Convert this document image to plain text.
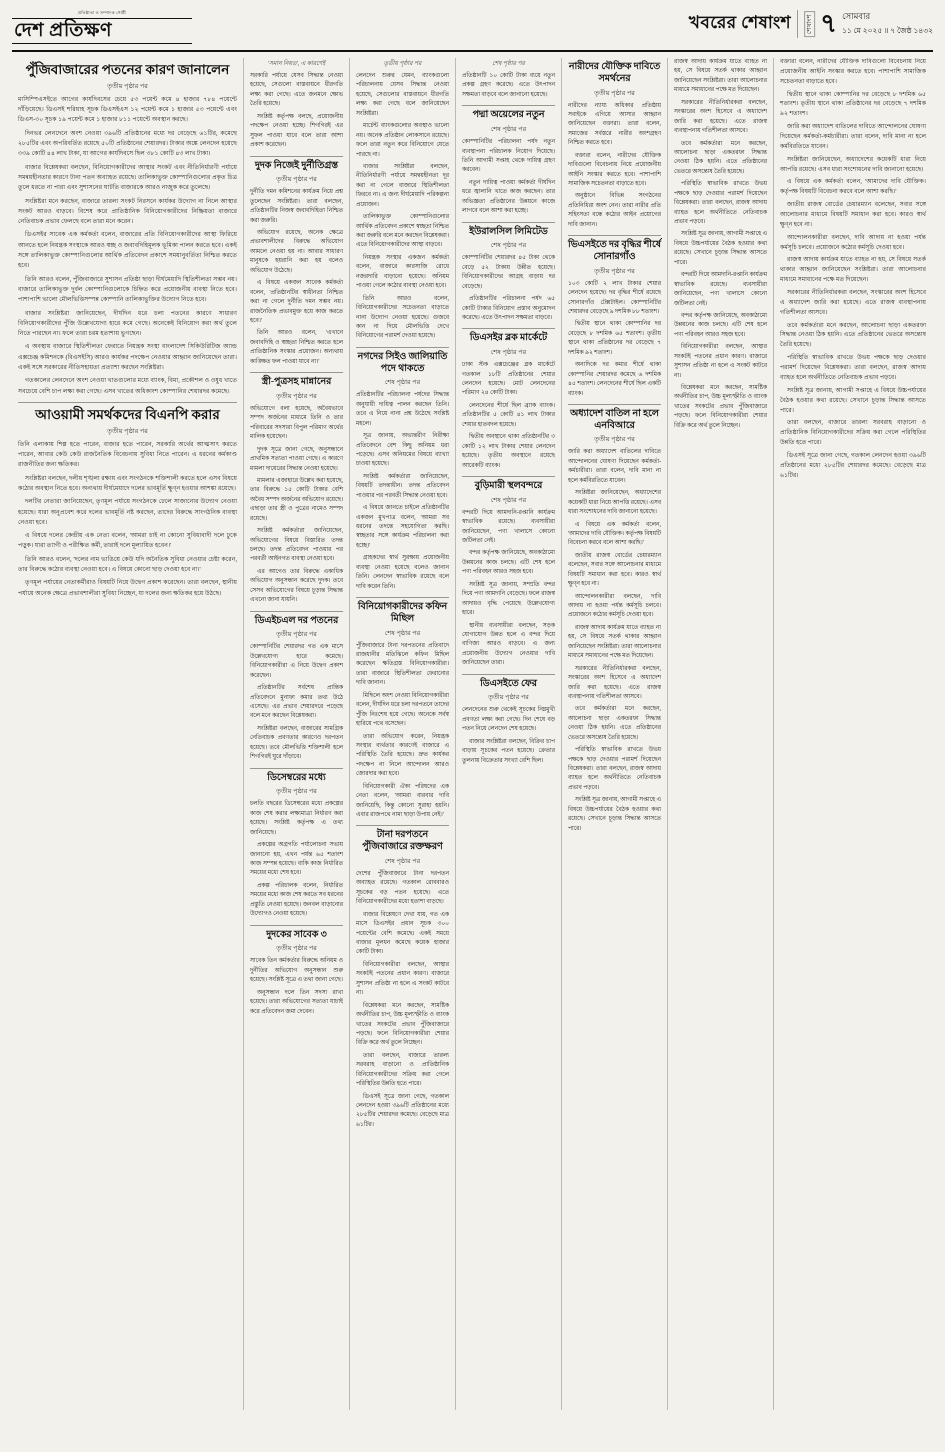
প্রতিষ্ঠাতা ও সম্পাদক গোষ্ঠী
দেশ প্রতিক্ষণ	খবরের শেষাংশ	শেষাংশ ৭ সোমবার
১১ মে ২০২৫ ॥ ৭ জৈষ্ঠ ১৪৩২
পুঁজিবাজারের পতনের কারণ জানালেন
তৃতীয় পৃষ্ঠার পর

মাসিম্পিএসইতে আগের কার্যদিবসের চেয়ে ৫৩ পয়েন্ট কমে ৪ হাজার ৭৮৪ পয়েন্টে দাঁড়িয়েছে। ডিএসই শরিয়াহ সূচক ডিএসইএস ১২ পয়েন্ট কমে ১ হাজার ৫৩ পয়েন্টে এবং ডিএস-৩০ সূচক ১৯ পয়েন্ট কমে ১ হাজার ৮১১ পয়েন্টে অবস্থান করছে।

দিনভর লেনদেনে অংশ নেওয়া ৩৯৬টি প্রতিষ্ঠানের মধ্যে দর বেড়েছে ৬১টির, কমেছে ২৮৫টির এবং অপরিবর্তিত রয়েছে ৫০টি প্রতিষ্ঠানের শেয়ারদর। টাকার অঙ্কে লেনদেন হয়েছে ৩৩৯ কোটি ৪৪ লাখ টাকা, যা আগের কার্যদিবসে ছিল ৩৮১ কোটি ৪৩ লাখ টাকা।

বাজার বিশ্লেষকরা বলছেন, বিনিয়োগকারীদের আস্থার সংকট এবং নীতিনির্ধারণী পর্যায়ে সমন্বয়হীনতার কারণে টানা পতন অব্যাহত রয়েছে। তালিকাভুক্ত কোম্পানিগুলোর প্রকৃত চিত্র তুলে ধরতে না পারা এবং সুশাসনের ঘাটতি বাজারকে আরও নাজুক করে তুলেছে।

সংশ্লিষ্টরা মনে করছেন, বাজারে তারল্য সংকট নিরসনে কার্যকর উদ্যোগ না নিলে আস্থার সংকট আরও বাড়বে। বিশেষ করে প্রাতিষ্ঠানিক বিনিয়োগকারীদের নিষ্ক্রিয়তা বাজারে নেতিবাচক প্রভাব ফেলছে বলে তারা মনে করেন।

ডিএসইর সাবেক এক কর্মকর্তা বলেন, বাজারের প্রতি বিনিয়োগকারীদের আস্থা ফিরিয়ে আনতে হলে নিয়ন্ত্রক সংস্থাকে আরও স্বচ্ছ ও জবাবদিহিমূলক ভূমিকা পালন করতে হবে। একই সঙ্গে তালিকাভুক্ত কোম্পানিগুলোর আর্থিক প্রতিবেদন প্রকাশে সময়ানুবর্তিতা নিশ্চিত করতে হবে।

তিনি আরও বলেন, পুঁজিবাজারে সুশাসন প্রতিষ্ঠা ছাড়া দীর্ঘমেয়াদি স্থিতিশীলতা সম্ভব নয়। বাজারে তালিকাভুক্ত দুর্বল কোম্পানিগুলোকে চিহ্নিত করে প্রয়োজনীয় ব্যবস্থা নিতে হবে। পাশাপাশি ভালো মৌলভিত্তিসম্পন্ন কোম্পানি তালিকাভুক্তির উদ্যোগ নিতে হবে।

বাজার সংশ্লিষ্টরা জানিয়েছেন, দীর্ঘদিন ধরে চলা পতনের কারণে সাধারণ বিনিয়োগকারীদের পুঁজি উল্লেখযোগ্য হারে কমে গেছে। অনেকেই বিনিয়োগ করা অর্থ তুলে নিতে পারছেন না। ফলে তারা চরম হতাশায় ভুগছেন।

এ অবস্থায় বাজারে স্থিতিশীলতা ফেরাতে নিয়ন্ত্রক সংস্থা বাংলাদেশ সিকিউরিটিজ অ্যান্ড এক্সচেঞ্জ কমিশনকে (বিএসইসি) আরও কার্যকর পদক্ষেপ নেওয়ার আহ্বান জানিয়েছেন তারা। একই সঙ্গে সরকারের নীতিসহায়তা প্রত্যাশা করছেন সংশ্লিষ্টরা।

গতকালের লেনদেনে অংশ নেওয়া খাতগুলোর মধ্যে ব্যাংক, বিমা, প্রকৌশল ও ওষুধ খাতে সবচেয়ে বেশি চাপ লক্ষ্য করা গেছে। এসব খাতের অধিকাংশ কোম্পানির শেয়ারদর কমেছে।

আওয়ামী সমর্থকদের বিএনপি করার
তৃতীয় পৃষ্ঠার পর

তিনি এলাকায় শিল্প হতে পারেন, বাজার হতে পারেন, সরকারি অর্থের আত্মসাৎ করতে পারেন, আবার কেউ কেউ রাজনৈতিক বিবেচনায় সুবিধা নিতে পারেন। এ ধরনের কর্মকাণ্ড রাজনীতির জন্য ক্ষতিকর।

সংশ্লিষ্টরা বলছেন, দলীয় শৃঙ্খলা রক্ষায় এবং সংগঠনকে শক্তিশালী করতে হলে এসব বিষয়ে কঠোর অবস্থান নিতে হবে। অন্যথায় দীর্ঘমেয়াদে দলের ভাবমূর্তি ক্ষুণ্ন হওয়ার আশঙ্কা রয়েছে।

দলটির নেতারা জানিয়েছেন, তৃণমূল পর্যায়ে সংগঠনকে ঢেলে সাজানোর উদ্যোগ নেওয়া হয়েছে। যারা অনুপ্রবেশ করে দলের ভাবমূর্তি নষ্ট করছেন, তাদের বিরুদ্ধে সাংগঠনিক ব্যবস্থা নেওয়া হবে।

এ বিষয়ে দলের কেন্দ্রীয় এক নেতা বলেন, 'আমরা চাই না কোনো সুবিধাবাদী দলে ঢুকে পড়ুক। যারা ত্যাগী ও পরীক্ষিত কর্মী, তারাই দলে মূল্যায়িত হবেন।'

তিনি আরও বলেন, 'দলের নাম ভাঙিয়ে কেউ যদি অনৈতিক সুবিধা নেওয়ার চেষ্টা করেন, তার বিরুদ্ধে কঠোর ব্যবস্থা নেওয়া হবে। এ বিষয়ে কোনো ছাড় দেওয়া হবে না।'

তৃণমূল পর্যায়ের নেতাকর্মীরাও বিষয়টি নিয়ে উদ্বেগ প্রকাশ করেছেন। তারা বলছেন, স্থানীয় পর্যায়ে অনেক ক্ষেত্রে প্রভাবশালীরা সুবিধা নিচ্ছেন, যা দলের জন্য ক্ষতিকর হয়ে উঠছে।

'সমান নিয়ত', এ কারণেই

সরকারি পর্যায়ে যেসব সিদ্ধান্ত নেওয়া হয়েছে, সেগুলো বাস্তবায়নে ধীরগতি লক্ষ্য করা গেছে। এতে জনমনে ক্ষোভ তৈরি হয়েছে।

সংশ্লিষ্ট কর্তৃপক্ষ বলছে, প্রয়োজনীয় পদক্ষেপ নেওয়া হচ্ছে। শিগগিরই এর সুফল পাওয়া যাবে বলে তারা আশা প্রকাশ করেছেন।

দুদক নিজেই দুর্নীতিগ্রস্ত
তৃতীয় পৃষ্ঠার পর

দুর্নীতি দমন কমিশনের কার্যক্রম নিয়ে প্রশ্ন তুলেছেন সংশ্লিষ্টরা। তারা বলছেন, প্রতিষ্ঠানটির নিজস্ব জবাবদিহিতা নিশ্চিত করা জরুরি।

অভিযোগ রয়েছে, অনেক ক্ষেত্রে প্রভাবশালীদের বিরুদ্ধে অভিযোগ আমলে নেওয়া হয় না। আবার সাধারণ মানুষকে হয়রানি করা হয় বলেও অভিযোগ উঠেছে।

এ বিষয়ে একজন সাবেক কর্মকর্তা বলেন, 'প্রতিষ্ঠানটির স্বাধীনতা নিশ্চিত করা না গেলে দুর্নীতি দমন সম্ভব নয়। রাজনৈতিক প্রভাবমুক্ত হয়ে কাজ করতে হবে।'

তিনি আরও বলেন, 'এখানে জবাবদিহি ও স্বচ্ছতা নিশ্চিত করতে হলে প্রাতিষ্ঠানিক সংস্কার প্রয়োজন। অন্যথায় কাঙ্ক্ষিত ফল পাওয়া যাবে না।'

স্ত্রী-পুত্রসহ মান্নানের
তৃতীয় পৃষ্ঠার পর

অভিযোগে বলা হয়েছে, অবৈধভাবে সম্পদ অর্জনের মাধ্যমে তিনি ও তার পরিবারের সদস্যরা বিপুল পরিমাণ অর্থের মালিক হয়েছেন।

দুদক সূত্রে জানা গেছে, অনুসন্ধানে প্রাথমিক সত্যতা পাওয়া গেছে। এ কারণে মামলা দায়েরের সিদ্ধান্ত নেওয়া হয়েছে।

মামলার এজাহারে উল্লেখ করা হয়েছে, তার বিরুদ্ধে ১৫ কোটি টাকার বেশি অবৈধ সম্পদ অর্জনের অভিযোগ রয়েছে। এছাড়া তার স্ত্রী ও পুত্রের নামেও সম্পদ রয়েছে।

সংশ্লিষ্ট কর্মকর্তারা জানিয়েছেন, অভিযোগের বিষয়ে বিস্তারিত তদন্ত চলছে। তদন্ত প্রতিবেদন পাওয়ার পর পরবর্তী আইনগত ব্যবস্থা নেওয়া হবে।

এর আগেও তার বিরুদ্ধে একাধিক অভিযোগ অনুসন্ধান করেছে দুদক। তবে সেসব অভিযোগের বিষয়ে চূড়ান্ত সিদ্ধান্ত এখনো জানা যায়নি।

ডিএইচএল দর পতনের
তৃতীয় পৃষ্ঠার পর

কোম্পানিটির শেয়ারদর গত এক মাসে উল্লেখযোগ্য হারে কমেছে। বিনিয়োগকারীরা এ নিয়ে উদ্বেগ প্রকাশ করেছেন।

প্রতিষ্ঠানটির সর্বশেষ প্রান্তিক প্রতিবেদনে মুনাফা কমার তথ্য উঠে এসেছে। এর প্রভাব শেয়ারদরে পড়েছে বলে মনে করছেন বিশ্লেষকরা।

সংশ্লিষ্টরা বলছেন, বাজারের সামগ্রিক নেতিবাচক প্রবণতার কারণেও দরপতন হয়েছে। তবে মৌলভিত্তি শক্তিশালী হলে শিগগিরই ঘুরে দাঁড়াবে।

ডিসেম্বরের মধ্যে
তৃতীয় পৃষ্ঠার পর

চলতি বছরের ডিসেম্বরের মধ্যে প্রকল্পের কাজ শেষ করার লক্ষ্যমাত্রা নির্ধারণ করা হয়েছে। সংশ্লিষ্ট কর্তৃপক্ষ এ তথ্য জানিয়েছে।

প্রকল্পের অগ্রগতি পর্যালোচনা সভায় জানানো হয়, এখন পর্যন্ত ৬৫ শতাংশ কাজ সম্পন্ন হয়েছে। বাকি কাজ নির্ধারিত সময়ের মধ্যে শেষ হবে।

প্রকল্প পরিচালক বলেন, নির্ধারিত সময়ের মধ্যে কাজ শেষ করতে সব ধরনের প্রস্তুতি নেওয়া হয়েছে। জনবল বাড়ানোর উদ্যোগও নেওয়া হয়েছে।

দুদকের সাবেক ৩
তৃতীয় পৃষ্ঠার পর

সাবেক তিন কর্মকর্তার বিরুদ্ধে অনিয়ম ও দুর্নীতির অভিযোগ অনুসন্ধান শুরু হয়েছে। সংশ্লিষ্ট সূত্রে এ তথ্য জানা গেছে।

অনুসন্ধান দলে তিন সদস্য রাখা হয়েছে। তারা অভিযোগের সত্যতা যাচাই করে প্রতিবেদন জমা দেবেন।

তৃতীয় পৃষ্ঠার পর

লেনদেন শুরুর যেমন, ব্যাংকগুলো পরিচালনায় যেসব সিদ্ধান্ত নেওয়া হয়েছে, সেগুলোর বাস্তবায়নে ধীরগতি লক্ষ্য করা গেছে বলে জানিয়েছেন সংশ্লিষ্টরা।

মার্চেন্ট ব্যাংকগুলোর অবস্থাও ভালো নয়। অনেক প্রতিষ্ঠান লোকসানে রয়েছে। ফলে তারা নতুন করে বিনিয়োগে যেতে পারছে না।

বাজার সংশ্লিষ্টরা বলছেন, নীতিনির্ধারণী পর্যায়ে সমন্বয়হীনতা দূর করা না গেলে বাজারে স্থিতিশীলতা ফিরবে না। এ জন্য দীর্ঘমেয়াদি পরিকল্পনা প্রয়োজন।

তালিকাভুক্ত কোম্পানিগুলোর আর্থিক প্রতিবেদন প্রকাশে স্বচ্ছতা নিশ্চিত করা জরুরি বলে মনে করছেন বিশ্লেষকরা। এতে বিনিয়োগকারীদের আস্থা বাড়বে।

নিয়ন্ত্রক সংস্থার একজন কর্মকর্তা বলেন, বাজারে কারসাজি রোধে নজরদারি বাড়ানো হয়েছে। অনিয়ম পাওয়া গেলে কঠোর ব্যবস্থা নেওয়া হবে।

তিনি আরও বলেন, বিনিয়োগকারীদের সচেতনতা বাড়াতে নানা উদ্যোগ নেওয়া হয়েছে। গুজবে কান না দিয়ে মৌলভিত্তি দেখে বিনিয়োগের পরামর্শ দেওয়া হয়েছে।

নগদের সিইও জালিয়াতি পদে থাকতে
শেষ পৃষ্ঠার পর

প্রতিষ্ঠানটির পরিচালনা পর্ষদের সিদ্ধান্ত অনুযায়ী দায়িত্ব পালন করছেন তিনি। তবে এ নিয়ে নানা প্রশ্ন উঠেছে সংশ্লিষ্ট মহলে।

সূত্র জানায়, অভ্যন্তরীণ নিরীক্ষা প্রতিবেদনে বেশ কিছু অনিয়ম ধরা পড়েছে। এসব অনিয়মের বিষয়ে ব্যাখ্যা চাওয়া হয়েছে।

সংশ্লিষ্ট কর্মকর্তারা জানিয়েছেন, বিষয়টি তদন্তাধীন। তদন্ত প্রতিবেদন পাওয়ার পর পরবর্তী সিদ্ধান্ত নেওয়া হবে।

এ বিষয়ে জানতে চাইলে প্রতিষ্ঠানটির একজন মুখপাত্র বলেন, 'আমরা সব ধরনের তদন্তে সহযোগিতা করছি। স্বচ্ছতার সঙ্গে কার্যক্রম পরিচালনা করা হচ্ছে।'

গ্রাহকদের স্বার্থ সুরক্ষায় প্রয়োজনীয় ব্যবস্থা নেওয়া হয়েছে বলেও জানান তিনি। লেনদেন স্বাভাবিক রয়েছে বলে দাবি করেন তিনি।

বিনিয়োগকারীদের কফিন মিছিল
শেষ পৃষ্ঠার পর

পুঁজিবাজারে টানা দরপতনের প্রতিবাদে রাজধানীর মতিঝিলে কফিন মিছিল করেছেন ক্ষতিগ্রস্ত বিনিয়োগকারীরা। তারা বাজারে স্থিতিশীলতা ফেরানোর দাবি জানান।

মিছিলে অংশ নেওয়া বিনিয়োগকারীরা বলেন, দীর্ঘদিন ধরে চলা দরপতনে তাদের পুঁজি নিঃশেষ হয়ে গেছে। অনেকে সর্বস্ব হারিয়ে পথে বসেছেন।

তারা অভিযোগ করেন, নিয়ন্ত্রক সংস্থার ব্যর্থতার কারণেই বাজারে এ পরিস্থিতি তৈরি হয়েছে। দ্রুত কার্যকর পদক্ষেপ না নিলে আন্দোলন আরও জোরদার করা হবে।

বিনিয়োগকারী ঐক্য পরিষদের এক নেতা বলেন, 'আমরা বারবার দাবি জানিয়েছি, কিন্তু কোনো সুরাহা হয়নি। এবার রাজপথে নামা ছাড়া উপায় নেই।'

টানা দরপতনে পুঁজিবাজারে রক্তক্ষরণ
শেষ পৃষ্ঠার পর

দেশের পুঁজিবাজারে টানা দরপতন অব্যাহত রয়েছে। গতকাল রোববারও সূচকের বড় পতন হয়েছে। এতে বিনিয়োগকারীদের মধ্যে হতাশা বাড়ছে।

বাজার বিশ্লেষণে দেখা যায়, গত এক মাসে ডিএসইর প্রধান সূচক ৩০০ পয়েন্টের বেশি কমেছে। একই সময়ে বাজার মূলধন কমেছে কয়েক হাজার কোটি টাকা।

বিনিয়োগকারীরা বলছেন, আস্থার সংকটই পতনের প্রধান কারণ। বাজারে সুশাসন প্রতিষ্ঠা না হলে এ সংকট কাটবে না।

বিশ্লেষকরা মনে করছেন, সামষ্টিক অর্থনীতির চাপ, উচ্চ মূল্যস্ফীতি ও ব্যাংক খাতের সংকটের প্রভাব পুঁজিবাজারে পড়ছে। ফলে বিনিয়োগকারীরা শেয়ার বিক্রি করে অর্থ তুলে নিচ্ছেন।

তারা বলছেন, বাজারে তারল্য সরবরাহ বাড়ানো ও প্রাতিষ্ঠানিক বিনিয়োগকারীদের সক্রিয় করা গেলে পরিস্থিতির উন্নতি হতে পারে।

ডিএসই সূত্রে জানা গেছে, গতকাল লেনদেন হওয়া ৩৯৬টি প্রতিষ্ঠানের মধ্যে ২৮৫টির শেয়ারদর কমেছে। বেড়েছে মাত্র ৬১টির।

শেষ পৃষ্ঠার পর

প্রতিষ্ঠানটি ১০ কোটি টাকা ব্যয়ে নতুন প্রকল্প গ্রহণ করেছে। এতে উৎপাদন সক্ষমতা বাড়বে বলে জানানো হয়েছে।

পদ্মা অয়েলের নতুন
শেষ পৃষ্ঠার পর

কোম্পানিটির পরিচালনা পর্ষদ নতুন ব্যবস্থাপনা পরিচালক নিয়োগ দিয়েছে। তিনি আগামী সপ্তাহ থেকে দায়িত্ব গ্রহণ করবেন।

নতুন দায়িত্ব পাওয়া কর্মকর্তা দীর্ঘদিন ধরে জ্বালানি খাতে কাজ করছেন। তার অভিজ্ঞতা প্রতিষ্ঠানের উন্নয়নে কাজে লাগবে বলে আশা করা হচ্ছে।

ইউরালসিল লিমিটেড
শেষ পৃষ্ঠার পর

কোম্পানিটির শেয়ারদর ৪৫ টাকা থেকে বেড়ে ৫২ টাকায় উন্নীত হয়েছে। বিনিয়োগকারীদের আগ্রহ বাড়ায় দর বেড়েছে।

প্রতিষ্ঠানটির পরিচালনা পর্ষদ ৬৫ কোটি টাকার বিনিয়োগ প্রস্তাব অনুমোদন করেছে। এতে উৎপাদন সক্ষমতা বাড়বে।

ডিএসইর ব্লক মার্কেটে
শেষ পৃষ্ঠার পর

ঢাকা স্টক এক্সচেঞ্জের ব্লক মার্কেটে গতকাল ১৮টি প্রতিষ্ঠানের শেয়ার লেনদেন হয়েছে। মোট লেনদেনের পরিমাণ ২৪ কোটি টাকা।

লেনদেনের শীর্ষে ছিল ব্র্যাক ব্যাংক। প্রতিষ্ঠানটির ৫ কোটি ৪১ লাখ টাকার শেয়ার হাতবদল হয়েছে।

দ্বিতীয় অবস্থানে থাকা প্রতিষ্ঠানটির ৩ কোটি ১২ লাখ টাকার শেয়ার লেনদেন হয়েছে। তৃতীয় অবস্থানে রয়েছে আরেকটি ব্যাংক।

বুড়িমারী স্থলবন্দরে
শেষ পৃষ্ঠার পর

বন্দরটি দিয়ে আমদানি-রপ্তানি কার্যক্রম স্বাভাবিক রয়েছে। ব্যবসায়ীরা জানিয়েছেন, পণ্য খালাসে কোনো জটিলতা নেই।

বন্দর কর্তৃপক্ষ জানিয়েছে, অবকাঠামো উন্নয়নের কাজ চলছে। এটি শেষ হলে পণ্য পরিবহন আরও সহজ হবে।

সংশ্লিষ্ট সূত্র জানায়, সম্প্রতি বন্দর দিয়ে পণ্য আমদানি বেড়েছে। ফলে রাজস্ব আদায়ও বৃদ্ধি পেয়েছে উল্লেখযোগ্য হারে।

স্থানীয় ব্যবসায়ীরা বলছেন, সড়ক যোগাযোগ উন্নত হলে এ বন্দর দিয়ে বাণিজ্য আরও বাড়বে। এ জন্য প্রয়োজনীয় উদ্যোগ নেওয়ার দাবি জানিয়েছেন তারা।

ডিএসইতে ফের
তৃতীয় পৃষ্ঠার পর

লেনদেনের শুরু থেকেই সূচকের নিম্নমুখী প্রবণতা লক্ষ্য করা গেছে। দিন শেষে বড় পতন নিয়ে লেনদেন শেষ হয়েছে।

বাজার সংশ্লিষ্টরা বলছেন, বিক্রির চাপ বাড়ায় সূচকের পতন হয়েছে। ক্রেতার তুলনায় বিক্রেতার সংখ্যা বেশি ছিল।

নারীদের যৌক্তিক দাবিতে সমর্থনের
তৃতীয় পৃষ্ঠার পর

নারীদের ন্যায্য অধিকার প্রতিষ্ঠায় সবাইকে এগিয়ে আসার আহ্বান জানিয়েছেন বক্তারা। তারা বলেন, সমাজের সর্বস্তরে নারীর অংশগ্রহণ নিশ্চিত করতে হবে।

বক্তারা বলেন, নারীদের যৌক্তিক দাবিগুলো বিবেচনায় নিয়ে প্রয়োজনীয় আইনি সংস্কার করতে হবে। পাশাপাশি সামাজিক সচেতনতা বাড়াতে হবে।

অনুষ্ঠানে বিভিন্ন সংগঠনের প্রতিনিধিরা অংশ নেন। তারা নারীর প্রতি সহিংসতা বন্ধে কঠোর আইন প্রয়োগের দাবি জানান।

ভিএসইতে দর বৃদ্ধির শীর্ষে সোনারগাঁও
তৃতীয় পৃষ্ঠার পর

১০৩ কোটি ২ লাখ টাকার শেয়ার লেনদেন হয়েছে। দর বৃদ্ধির শীর্ষে রয়েছে সোনারগাঁও টেক্সটাইল। কোম্পানিটির শেয়ারদর বেড়েছে ৯ দশমিক ৮৮ শতাংশ।

দ্বিতীয় স্থানে থাকা কোম্পানির দর বেড়েছে ৮ দশমিক ৬৫ শতাংশ। তৃতীয় স্থানে থাকা প্রতিষ্ঠানের দর বেড়েছে ৭ দশমিক ৯২ শতাংশ।

অন্যদিকে দর কমার শীর্ষে থাকা কোম্পানির শেয়ারদর কমেছে ৬ দশমিক ৪৫ শতাংশ। লেনদেনের শীর্ষে ছিল একটি ব্যাংক।

অধ্যাদেশ বাতিল না হলে এনবিআরে
তৃতীয় পৃষ্ঠার পর

জারি করা অধ্যাদেশ বাতিলের দাবিতে আন্দোলনের ঘোষণা দিয়েছেন কর্মকর্তা-কর্মচারীরা। তারা বলেন, দাবি মানা না হলে কর্মবিরতিতে যাবেন।

সংশ্লিষ্টরা জানিয়েছেন, অধ্যাদেশের কয়েকটি ধারা নিয়ে আপত্তি রয়েছে। এসব ধারা সংশোধনের দাবি জানানো হয়েছে।

এ বিষয়ে এক কর্মকর্তা বলেন, 'আমাদের দাবি যৌক্তিক। কর্তৃপক্ষ বিষয়টি বিবেচনা করবে বলে আশা করছি।'

জাতীয় রাজস্ব বোর্ডের চেয়ারম্যান বলেছেন, সবার সঙ্গে আলোচনার মাধ্যমে বিষয়টি সমাধান করা হবে। কারও স্বার্থ ক্ষুণ্ন হবে না।

আন্দোলনকারীরা বলছেন, দাবি আদায় না হওয়া পর্যন্ত কর্মসূচি চলবে। প্রয়োজনে কঠোর কর্মসূচি দেওয়া হবে।

রাজস্ব আদায় কার্যক্রম যাতে ব্যাহত না হয়, সে বিষয়ে সতর্ক থাকার আহ্বান জানিয়েছেন সংশ্লিষ্টরা। তারা আলোচনার মাধ্যমে সমাধানের পক্ষে মত দিয়েছেন।

সরকারের নীতিনির্ধারকরা বলছেন, সংস্কারের অংশ হিসেবে এ অধ্যাদেশ জারি করা হয়েছে। এতে রাজস্ব ব্যবস্থাপনায় গতিশীলতা আসবে।

তবে কর্মকর্তারা মনে করছেন, আলোচনা ছাড়া একতরফা সিদ্ধান্ত নেওয়া ঠিক হয়নি। এতে প্রতিষ্ঠানের ভেতরে অসন্তোষ তৈরি হয়েছে।

পরিস্থিতি স্বাভাবিক রাখতে উভয় পক্ষকে ছাড় দেওয়ার পরামর্শ দিয়েছেন বিশ্লেষকরা। তারা বলছেন, রাজস্ব আদায় ব্যাহত হলে অর্থনীতিতে নেতিবাচক প্রভাব পড়বে।

সংশ্লিষ্ট সূত্র জানায়, আগামী সপ্তাহে এ বিষয়ে উচ্চপর্যায়ের বৈঠক হওয়ার কথা রয়েছে। সেখানে চূড়ান্ত সিদ্ধান্ত আসতে পারে।

রাজস্ব আদায় কার্যক্রম যাতে ব্যাহত না হয়, সে বিষয়ে সতর্ক থাকার আহ্বান জানিয়েছেন সংশ্লিষ্টরা। তারা আলোচনার মাধ্যমে সমাধানের পক্ষে মত দিয়েছেন।

সরকারের নীতিনির্ধারকরা বলছেন, সংস্কারের অংশ হিসেবে এ অধ্যাদেশ জারি করা হয়েছে। এতে রাজস্ব ব্যবস্থাপনায় গতিশীলতা আসবে।

তবে কর্মকর্তারা মনে করছেন, আলোচনা ছাড়া একতরফা সিদ্ধান্ত নেওয়া ঠিক হয়নি। এতে প্রতিষ্ঠানের ভেতরে অসন্তোষ তৈরি হয়েছে।

পরিস্থিতি স্বাভাবিক রাখতে উভয় পক্ষকে ছাড় দেওয়ার পরামর্শ দিয়েছেন বিশ্লেষকরা। তারা বলছেন, রাজস্ব আদায় ব্যাহত হলে অর্থনীতিতে নেতিবাচক প্রভাব পড়বে।

সংশ্লিষ্ট সূত্র জানায়, আগামী সপ্তাহে এ বিষয়ে উচ্চপর্যায়ের বৈঠক হওয়ার কথা রয়েছে। সেখানে চূড়ান্ত সিদ্ধান্ত আসতে পারে।

বন্দরটি দিয়ে আমদানি-রপ্তানি কার্যক্রম স্বাভাবিক রয়েছে। ব্যবসায়ীরা জানিয়েছেন, পণ্য খালাসে কোনো জটিলতা নেই।

বন্দর কর্তৃপক্ষ জানিয়েছে, অবকাঠামো উন্নয়নের কাজ চলছে। এটি শেষ হলে পণ্য পরিবহন আরও সহজ হবে।

বিনিয়োগকারীরা বলছেন, আস্থার সংকটই পতনের প্রধান কারণ। বাজারে সুশাসন প্রতিষ্ঠা না হলে এ সংকট কাটবে না।

বিশ্লেষকরা মনে করছেন, সামষ্টিক অর্থনীতির চাপ, উচ্চ মূল্যস্ফীতি ও ব্যাংক খাতের সংকটের প্রভাব পুঁজিবাজারে পড়ছে। ফলে বিনিয়োগকারীরা শেয়ার বিক্রি করে অর্থ তুলে নিচ্ছেন।

বক্তারা বলেন, নারীদের যৌক্তিক দাবিগুলো বিবেচনায় নিয়ে প্রয়োজনীয় আইনি সংস্কার করতে হবে। পাশাপাশি সামাজিক সচেতনতা বাড়াতে হবে।

দ্বিতীয় স্থানে থাকা কোম্পানির দর বেড়েছে ৮ দশমিক ৬৫ শতাংশ। তৃতীয় স্থানে থাকা প্রতিষ্ঠানের দর বেড়েছে ৭ দশমিক ৯২ শতাংশ।

জারি করা অধ্যাদেশ বাতিলের দাবিতে আন্দোলনের ঘোষণা দিয়েছেন কর্মকর্তা-কর্মচারীরা। তারা বলেন, দাবি মানা না হলে কর্মবিরতিতে যাবেন।

সংশ্লিষ্টরা জানিয়েছেন, অধ্যাদেশের কয়েকটি ধারা নিয়ে আপত্তি রয়েছে। এসব ধারা সংশোধনের দাবি জানানো হয়েছে।

এ বিষয়ে এক কর্মকর্তা বলেন, 'আমাদের দাবি যৌক্তিক। কর্তৃপক্ষ বিষয়টি বিবেচনা করবে বলে আশা করছি।'

জাতীয় রাজস্ব বোর্ডের চেয়ারম্যান বলেছেন, সবার সঙ্গে আলোচনার মাধ্যমে বিষয়টি সমাধান করা হবে। কারও স্বার্থ ক্ষুণ্ন হবে না।

আন্দোলনকারীরা বলছেন, দাবি আদায় না হওয়া পর্যন্ত কর্মসূচি চলবে। প্রয়োজনে কঠোর কর্মসূচি দেওয়া হবে।

রাজস্ব আদায় কার্যক্রম যাতে ব্যাহত না হয়, সে বিষয়ে সতর্ক থাকার আহ্বান জানিয়েছেন সংশ্লিষ্টরা। তারা আলোচনার মাধ্যমে সমাধানের পক্ষে মত দিয়েছেন।

সরকারের নীতিনির্ধারকরা বলছেন, সংস্কারের অংশ হিসেবে এ অধ্যাদেশ জারি করা হয়েছে। এতে রাজস্ব ব্যবস্থাপনায় গতিশীলতা আসবে।

তবে কর্মকর্তারা মনে করছেন, আলোচনা ছাড়া একতরফা সিদ্ধান্ত নেওয়া ঠিক হয়নি। এতে প্রতিষ্ঠানের ভেতরে অসন্তোষ তৈরি হয়েছে।

পরিস্থিতি স্বাভাবিক রাখতে উভয় পক্ষকে ছাড় দেওয়ার পরামর্শ দিয়েছেন বিশ্লেষকরা। তারা বলছেন, রাজস্ব আদায় ব্যাহত হলে অর্থনীতিতে নেতিবাচক প্রভাব পড়বে।

সংশ্লিষ্ট সূত্র জানায়, আগামী সপ্তাহে এ বিষয়ে উচ্চপর্যায়ের বৈঠক হওয়ার কথা রয়েছে। সেখানে চূড়ান্ত সিদ্ধান্ত আসতে পারে।

তারা বলছেন, বাজারে তারল্য সরবরাহ বাড়ানো ও প্রাতিষ্ঠানিক বিনিয়োগকারীদের সক্রিয় করা গেলে পরিস্থিতির উন্নতি হতে পারে।

ডিএসই সূত্রে জানা গেছে, গতকাল লেনদেন হওয়া ৩৯৬টি প্রতিষ্ঠানের মধ্যে ২৮৫টির শেয়ারদর কমেছে। বেড়েছে মাত্র ৬১টির।
